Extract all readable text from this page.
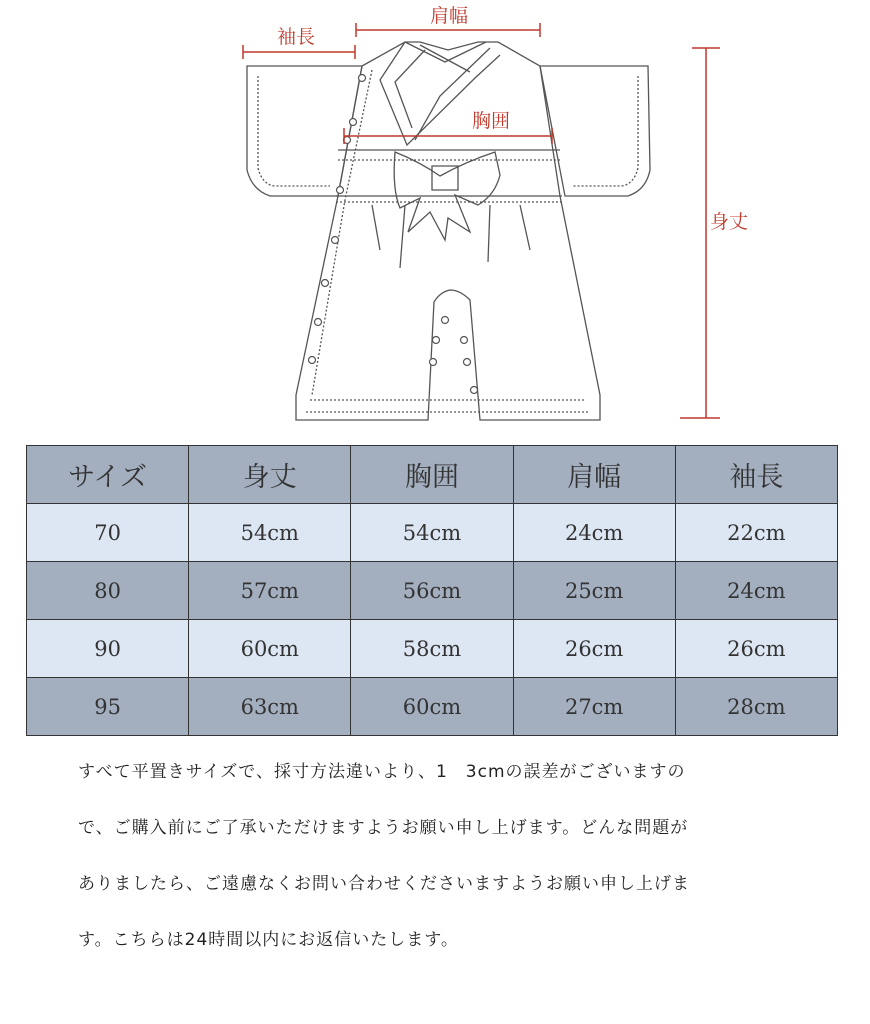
袖長
肩幅
胸囲
身丈
サイズ	身丈	胸囲	肩幅	袖長
70	54cm	54cm	24cm	22cm
80	57cm	56cm	25cm	24cm
90	60cm	58cm	26cm	26cm
95	63cm	60cm	27cm	28cm

すべて平置きサイズで、採寸方法違いより、1　3cmの誤差がございますの

で、ご購入前にご了承いただけますようお願い申し上げます。どんな問題が

ありましたら、ご遠慮なくお問い合わせくださいますようお願い申し上げま

す。こちらは24時間以内にお返信いたします。
